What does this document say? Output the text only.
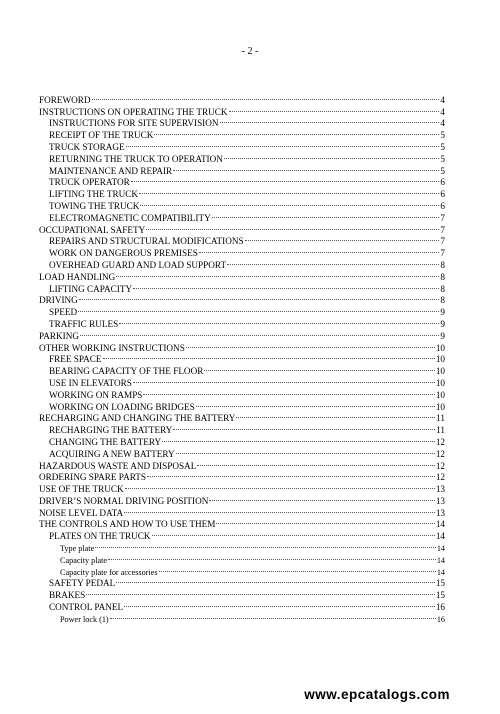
- 2 -
FOREWORD	4
INSTRUCTIONS ON OPERATING THE TRUCK	4
INSTRUCTIONS FOR SITE SUPERVISION	4
RECEIPT OF THE TRUCK	5
TRUCK STORAGE	5
RETURNING THE TRUCK TO OPERATION	5
MAINTENANCE AND REPAIR	5
TRUCK OPERATOR	6
LIFTING THE TRUCK	6
TOWING THE TRUCK	6
ELECTROMAGNETIC COMPATIBILITY	7
OCCUPATIONAL SAFETY	7
REPAIRS AND STRUCTURAL MODIFICATIONS	7
WORK ON DANGEROUS PREMISES	7
OVERHEAD GUARD AND LOAD SUPPORT	8
LOAD HANDLING	8
LIFTING CAPACITY	8
DRIVING	8
SPEED	9
TRAFFIC RULES	9
PARKING	9
OTHER WORKING INSTRUCTIONS	10
FREE SPACE	10
BEARING CAPACITY OF THE FLOOR	10
USE IN ELEVATORS	10
WORKING ON RAMPS	10
WORKING ON LOADING BRIDGES	10
RECHARGING AND CHANGING THE BATTERY	11
RECHARGING THE BATTERY	11
CHANGING THE BATTERY	12
ACQUIRING A NEW BATTERY	12
HAZARDOUS WASTE AND DISPOSAL	12
ORDERING SPARE PARTS	12
USE OF THE TRUCK	13
DRIVER’S NORMAL DRIVING POSITION	13
NOISE LEVEL DATA	13
THE CONTROLS AND HOW TO USE THEM	14
PLATES ON THE TRUCK	14
Type plate	14
Capacity plate	14
Capacity plate for accessories	14
SAFETY PEDAL	15
BRAKES	15
CONTROL PANEL	16
Power lock (1)	16
www.epcatalogs.com
